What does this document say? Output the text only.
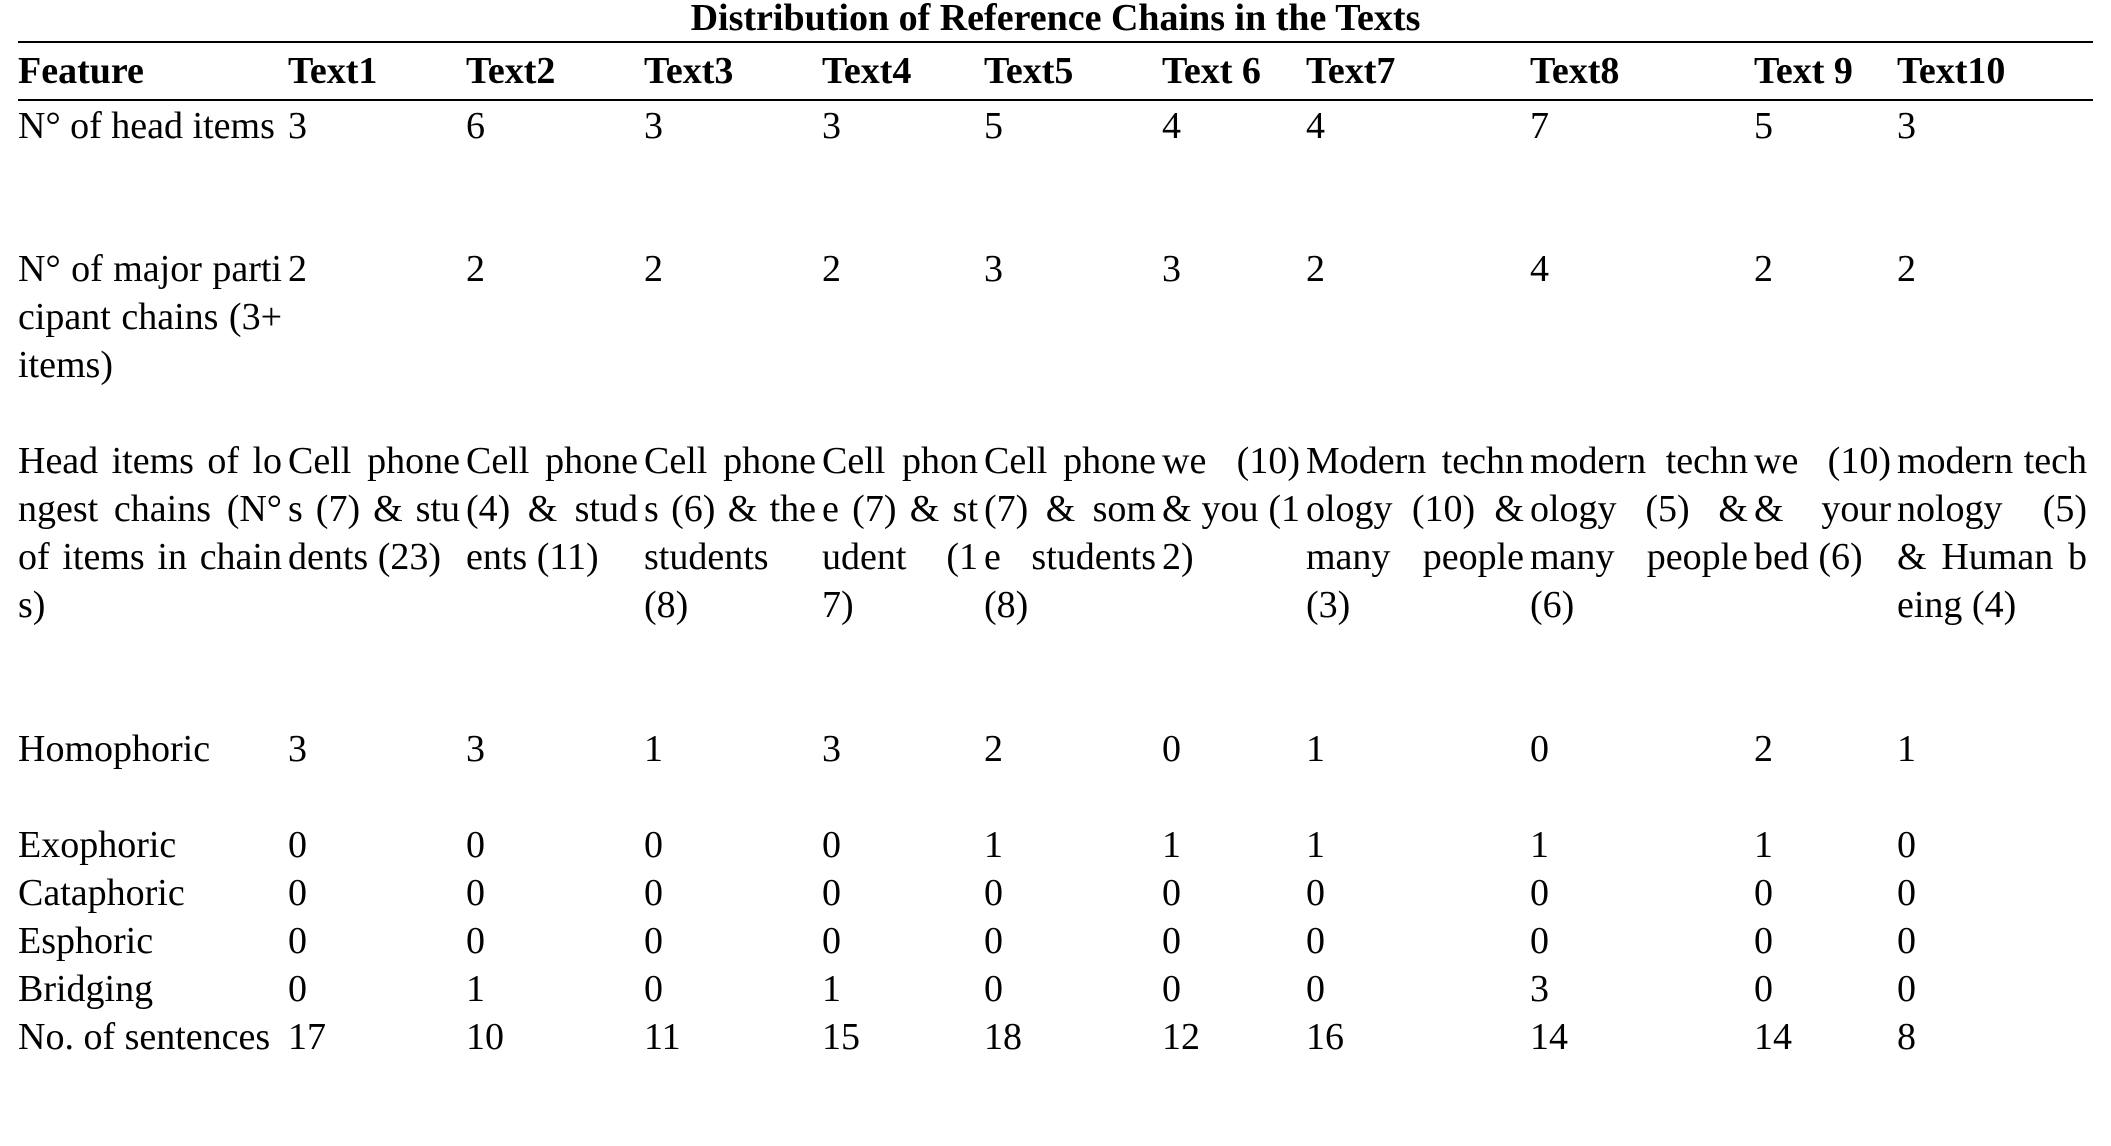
Distribution of Reference Chains in the Texts
Feature	Text1	Text2	Text3	Text4	Text5	Text 6	Text7	Text8	Text 9	Text10

N° of head items	3	6	3	3	5	4	4	7	5	3

N° of major participant chains (3+ items)	2	2	2	2	3	3	2	4	2	2

Head items of longest chains (N° of items in chains)	Cell phones (7) & students (23)	Cell phone (4) & students (11)	Cell phones (6) & the students (8)	Cell phone (7) & student (17)	Cell phone (7) & some students (8)	we (10) & you (12)	Modern technology (10) & many people (3)	modern technology (5) & many people (6)	we (10) & your bed (6)	modern technology (5) & Human being (4)

Homophoric	3	3	1	3	2	0	1	0	2	1

Exophoric	0	0	0	0	1	1	1	1	1	0

Cataphoric	0	0	0	0	0	0	0	0	0	0

Esphoric	0	0	0	0	0	0	0	0	0	0

Bridging	0	1	0	1	0	0	0	3	0	0

No. of sentences	17	10	11	15	18	12	16	14	14	8
